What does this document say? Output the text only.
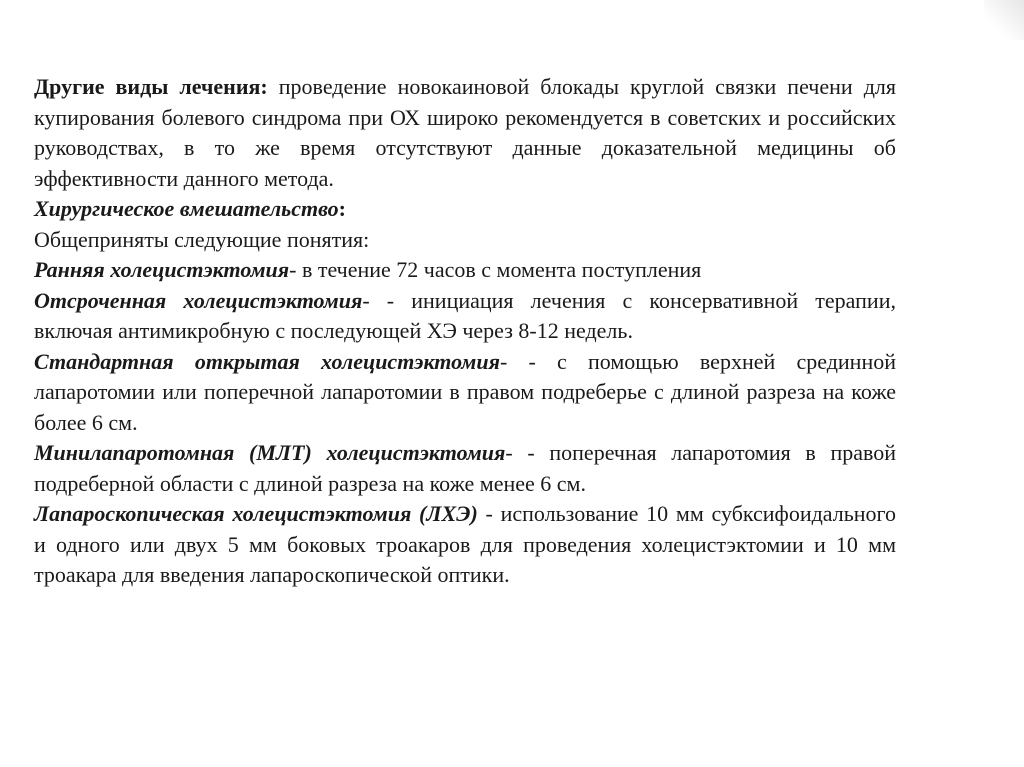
Другие виды лечения: проведение новокаиновой блокады круглой связки печени для купирования болевого синдрома при ОХ широко рекомендуется в советских и российских руководствах, в то же время отсутствуют данные доказательной медицины об эффективности данного метода.

Хирургическое вмешательство:

Общеприняты следующие понятия:

Ранняя холецистэктомия- в течение 72 часов с момента поступления

Отсроченная холецистэктомия- - инициация лечения с консервативной терапии, включая антимикробную с последующей ХЭ через 8-12 недель.

Стандартная открытая холецистэктомия- - с помощью верхней срединной лапаротомии или поперечной лапаротомии в правом подреберье с длиной разреза на коже более 6 см.

Минилапаротомная (МЛТ) холецистэктомия- - поперечная лапаротомия в правой подреберной области с длиной разреза на коже менее 6 см.

Лапароскопическая холецистэктомия (ЛХЭ) - использование 10 мм субксифоидального и одного или двух 5 мм боковых троакаров для проведения холецистэктомии и 10 мм троакара для введения лапароскопической оптики.
